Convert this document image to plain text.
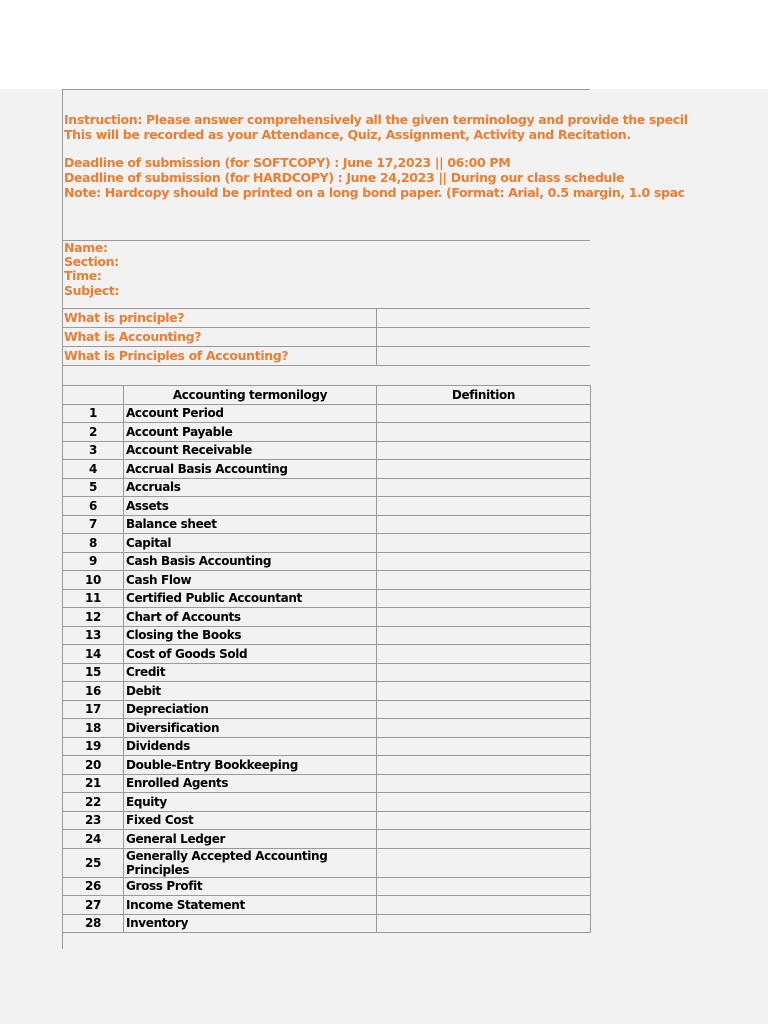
Instruction: Please answer comprehensively all the given terminology and provide the specil
This will be recorded as your Attendance, Quiz, Assignment, Activity and Recitation.
Deadline of submission (for SOFTCOPY) : June 17,2023 || 06:00 PM
Deadline of submission (for HARDCOPY) : June 24,2023 || During our class schedule
Note: Hardcopy should be printed on a long bond paper. (Format: Arial, 0.5 margin, 1.0 spac
Name:
Section:
Time:
Subject:
What is principle?
What is Accounting?
What is Principles of Accounting?
	Accounting termonilogy	Definition
1	Account Period	
2	Account Payable	
3	Account Receivable	
4	Accrual Basis Accounting	
5	Accruals	
6	Assets	
7	Balance sheet	
8	Capital	
9	Cash Basis Accounting	
10	Cash Flow	
11	Certified Public Accountant	
12	Chart of Accounts	
13	Closing the Books	
14	Cost of Goods Sold	
15	Credit	
16	Debit	
17	Depreciation	
18	Diversification	
19	Dividends	
20	Double-Entry Bookkeeping	
21	Enrolled Agents	
22	Equity	
23	Fixed Cost	
24	General Ledger	
25	Generally Accepted Accounting Principles	
26	Gross Profit	
27	Income Statement	
28	Inventory	
